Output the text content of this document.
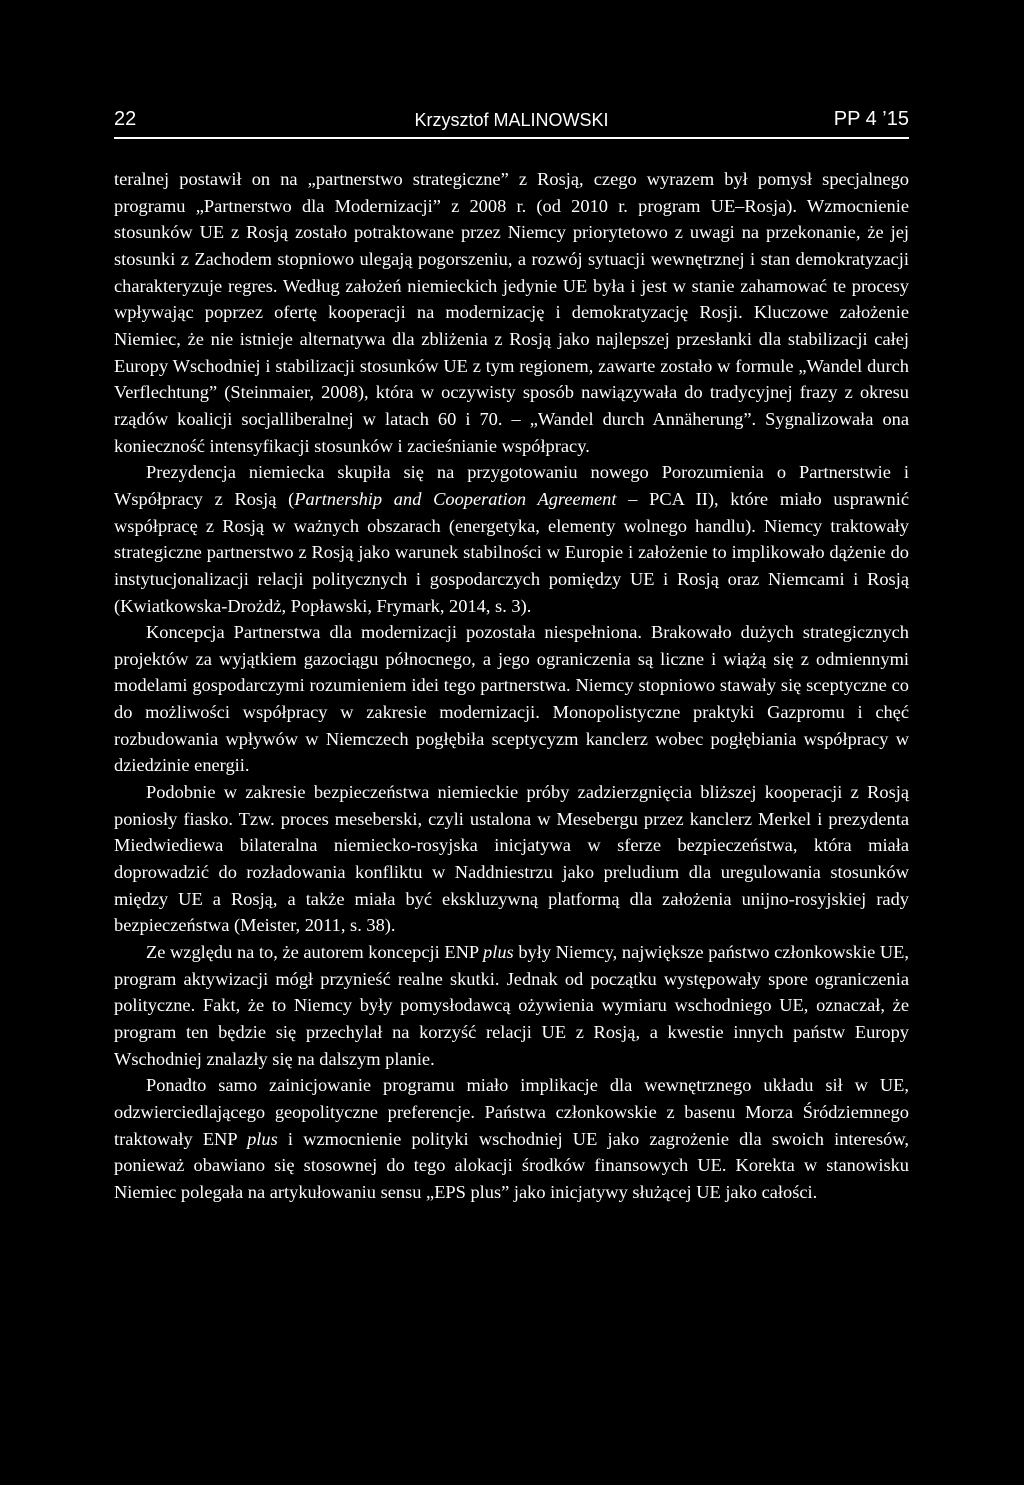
22	Krzysztof MALINOWSKI	PP 4 ’15

teralnej postawił on na „partnerstwo strategiczne” z Rosją, czego wyrazem był pomysł specjalnego programu „Partnerstwo dla Modernizacji” z 2008 r. (od 2010 r. program UE–Rosja). Wzmocnienie stosunków UE z Rosją zostało potraktowane przez Niemcy priorytetowo z uwagi na przekonanie, że jej stosunki z Zachodem stopniowo ulegają pogorszeniu, a rozwój sytuacji wewnętrznej i stan demokratyzacji charakteryzuje regres. Według założeń niemieckich jedynie UE była i jest w stanie zahamować te procesy wpływając poprzez ofertę kooperacji na modernizację i demokratyzację Rosji. Kluczowe założenie Niemiec, że nie istnieje alternatywa dla zbliżenia z Rosją jako najlepszej przesłanki dla stabilizacji całej Europy Wschodniej i stabilizacji stosunków UE z tym regionem, zawarte zostało w formule „Wandel durch Verflechtung” (Steinmaier, 2008), która w oczywisty sposób nawiązywała do tradycyjnej frazy z okresu rządów koalicji socjalliberalnej w latach 60 i 70. – „Wandel durch Annäherung”. Sygnalizowała ona konieczność intensyfikacji stosunków i zacieśnianie współpracy.

Prezydencja niemiecka skupiła się na przygotowaniu nowego Porozumienia o Partnerstwie i Współpracy z Rosją (Partnership and Cooperation Agreement – PCA II), które miało usprawnić współpracę z Rosją w ważnych obszarach (energetyka, elementy wolnego handlu). Niemcy traktowały strategiczne partnerstwo z Rosją jako warunek stabilności w Europie i założenie to implikowało dążenie do instytucjonalizacji relacji politycznych i gospodarczych pomiędzy UE i Rosją oraz Niemcami i Rosją (Kwiatkowska-Drożdż, Popławski, Frymark, 2014, s. 3).

Koncepcja Partnerstwa dla modernizacji pozostała niespełniona. Brakowało dużych strategicznych projektów za wyjątkiem gazociągu północnego, a jego ograniczenia są liczne i wiążą się z odmiennymi modelami gospodarczymi rozumieniem idei tego partnerstwa. Niemcy stopniowo stawały się sceptyczne co do możliwości współpracy w zakresie modernizacji. Monopolistyczne praktyki Gazpromu i chęć rozbudowania wpływów w Niemczech pogłębiła sceptycyzm kanclerz wobec pogłębiania współpracy w dziedzinie energii.

Podobnie w zakresie bezpieczeństwa niemieckie próby zadzierzgnięcia bliższej kooperacji z Rosją poniosły fiasko. Tzw. proces meseberski, czyli ustalona w Mesebergu przez kanclerz Merkel i prezydenta Miedwiediewa bilateralna niemiecko-rosyjska inicjatywa w sferze bezpieczeństwa, która miała doprowadzić do rozładowania konfliktu w Naddniestrzu jako preludium dla uregulowania stosunków między UE a Rosją, a także miała być ekskluzywną platformą dla założenia unijno-rosyjskiej rady bezpieczeństwa (Meister, 2011, s. 38).

Ze względu na to, że autorem koncepcji ENP plus były Niemcy, największe państwo członkowskie UE, program aktywizacji mógł przynieść realne skutki. Jednak od początku występowały spore ograniczenia polityczne. Fakt, że to Niemcy były pomysłodawcą ożywienia wymiaru wschodniego UE, oznaczał, że program ten będzie się przechylał na korzyść relacji UE z Rosją, a kwestie innych państw Europy Wschodniej znalazły się na dalszym planie.

Ponadto samo zainicjowanie programu miało implikacje dla wewnętrznego układu sił w UE, odzwierciedlającego geopolityczne preferencje. Państwa członkowskie z basenu Morza Śródziemnego traktowały ENP plus i wzmocnienie polityki wschodniej UE jako zagrożenie dla swoich interesów, ponieważ obawiano się stosownej do tego alokacji środków finansowych UE. Korekta w stanowisku Niemiec polegała na artykułowaniu sensu „EPS plus” jako inicjatywy służącej UE jako całości.
